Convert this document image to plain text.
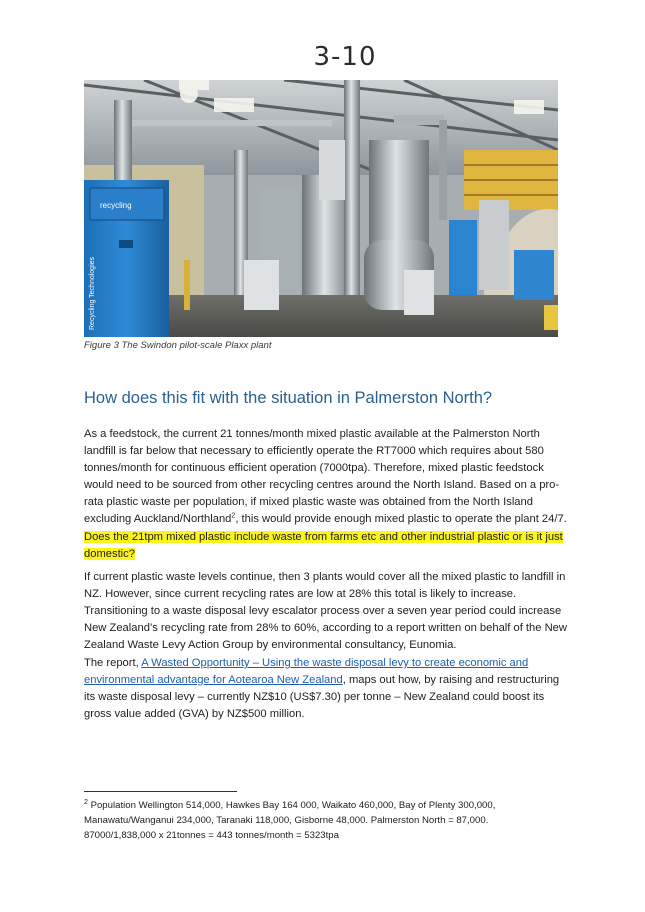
3-10
recycling
Recycling Technologies
Figure 3 The Swindon pilot-scale Plaxx plant
How does this fit with the situation in Palmerston North?

As a feedstock, the current 21 tonnes/month mixed plastic available at the Palmerston North landfill is far below that necessary to efficiently operate the RT7000 which requires about 580 tonnes/month for continuous efficient operation (7000tpa). Therefore, mixed plastic feedstock would need to be sourced from other recycling centres around the North Island. Based on a pro-rata plastic waste per population, if mixed plastic waste was obtained from the North Island excluding Auckland/Northland$^2$, this would provide enough mixed plastic to operate the plant 24/7. Does the 21tpm mixed plastic include waste from farms etc and other industrial plastic or is it just domestic?

If current plastic waste levels continue, then 3 plants would cover all the mixed plastic to landfill in NZ. However, since current recycling rates are low at 28% this total is likely to increase. Transitioning to a waste disposal levy escalator process over a seven year period could increase New Zealand’s recycling rate from 28% to 60%, according to a report written on behalf of the New Zealand Waste Levy Action Group by environmental consultancy, Eunomia.

The report, A Wasted Opportunity – Using the waste disposal levy to create economic and environmental advantage for Aotearoa New Zealand, maps out how, by raising and restructuring its waste disposal levy – currently NZ$10 (US$7.30) per tonne – New Zealand could boost its gross value added (GVA) by NZ$500 million.

$^2$ Population Wellington 514,000, Hawkes Bay 164 000, Waikato 460,000, Bay of Plenty 300,000, Manawatu/Wanganui 234,000, Taranaki 118,000, Gisborne 48,000. Palmerston North = 87,000. 87000/1,838,000 x 21tonnes = 443 tonnes/month = 5323tpa
